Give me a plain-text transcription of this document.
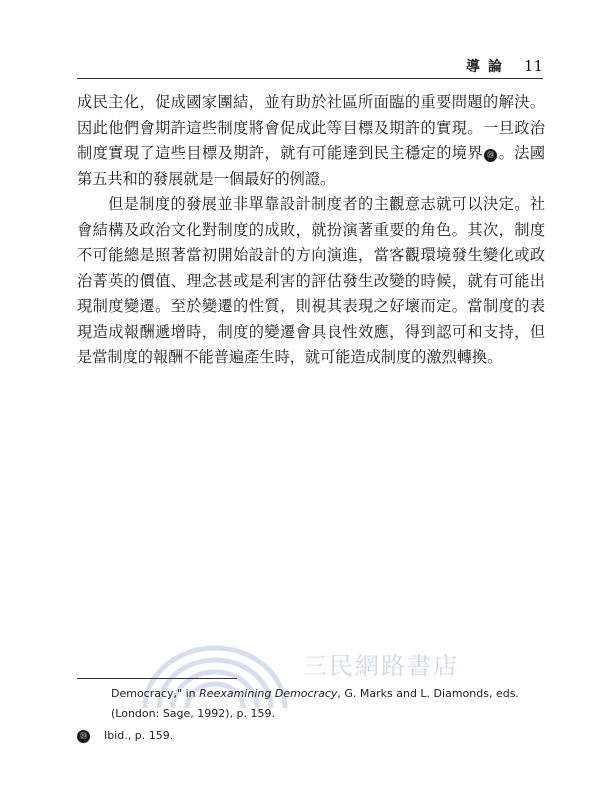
導論 11

成民主化，促成國家團結，並有助於社區所面臨的重要問題的解決。因此他們會期許這些制度將會促成此等目標及期許的實現。一旦政治制度實現了這些目標及期許，就有可能達到民主穩定的境界 ⑳ 。法國第五共和的發展就是一個最好的例證。

但是制度的發展並非單靠設計制度者的主觀意志就可以決定。社會結構及政治文化對制度的成敗，就扮演著重要的角色。其次，制度不可能總是照著當初開始設計的方向演進，當客觀環境發生變化或政治菁英的價值、理念甚或是利害的評估發生改變的時候，就有可能出現制度變遷。至於變遷的性質，則視其表現之好壞而定。當制度的表現造成報酬遞增時，制度的變遷會具良性效應，得到認可和支持，但是當制度的報酬不能普遍產生時，就可能造成制度的激烈轉換。

三民網路書店
Democracy," in Reexamining Democracy, G. Marks and L. Diamonds, eds.
(London: Sage, 1992), p. 159.
⑳ Ibid., p. 159.
